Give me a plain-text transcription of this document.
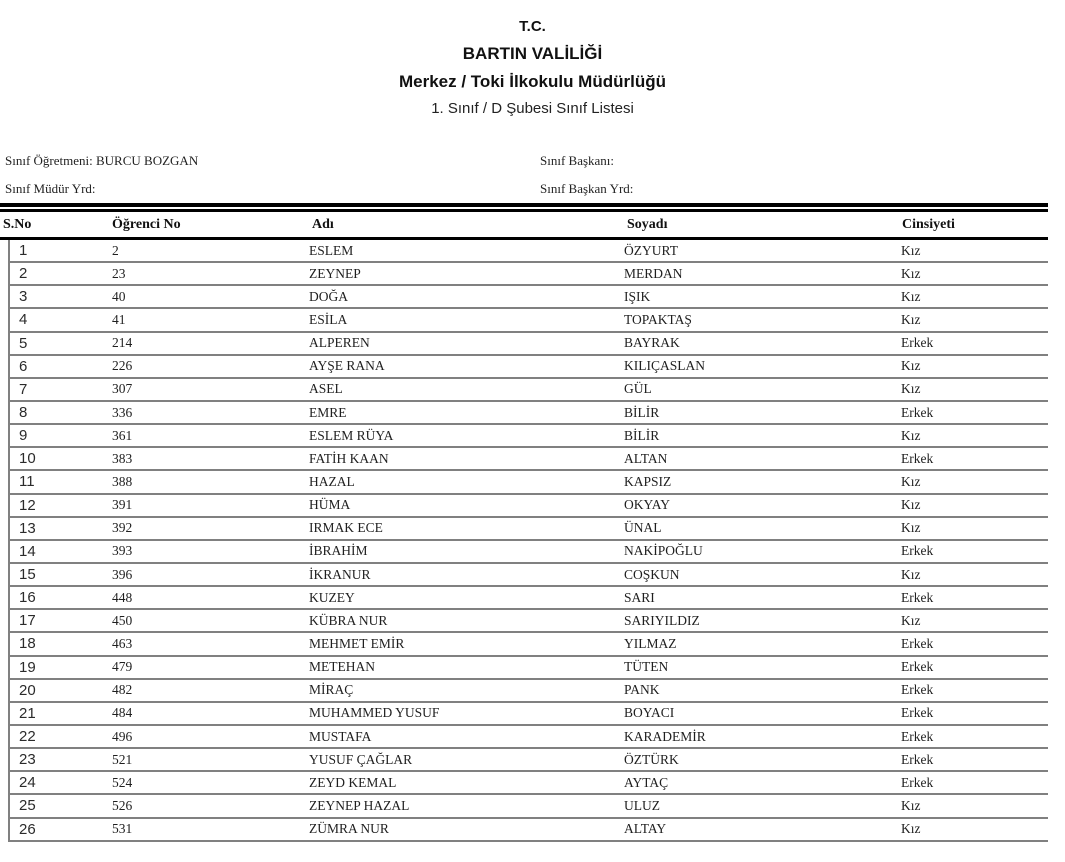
T.C.
BARTIN VALİLİĞİ
Merkez / Toki İlkokulu Müdürlüğü
1. Sınıf / D Şubesi Sınıf Listesi
Sınıf Öğretmeni: BURCU BOZGAN	Sınıf Başkanı:
Sınıf Müdür Yrd:	Sınıf Başkan Yrd:
S.No	Öğrenci No	Adı	Soyadı	Cinsiyeti
1	2	ESLEM	ÖZYURT	Kız
2	23	ZEYNEP	MERDAN	Kız
3	40	DOĞA	IŞIK	Kız
4	41	ESİLA	TOPAKTAŞ	Kız
5	214	ALPEREN	BAYRAK	Erkek
6	226	AYŞE RANA	KILIÇASLAN	Kız
7	307	ASEL	GÜL	Kız
8	336	EMRE	BİLİR	Erkek
9	361	ESLEM RÜYA	BİLİR	Kız
10	383	FATİH KAAN	ALTAN	Erkek
11	388	HAZAL	KAPSIZ	Kız
12	391	HÜMA	OKYAY	Kız
13	392	IRMAK ECE	ÜNAL	Kız
14	393	İBRAHİM	NAKİPOĞLU	Erkek
15	396	İKRANUR	COŞKUN	Kız
16	448	KUZEY	SARI	Erkek
17	450	KÜBRA NUR	SARIYILDIZ	Kız
18	463	MEHMET EMİR	YILMAZ	Erkek
19	479	METEHAN	TÜTEN	Erkek
20	482	MİRAÇ	PANK	Erkek
21	484	MUHAMMED YUSUF	BOYACI	Erkek
22	496	MUSTAFA	KARADEMİR	Erkek
23	521	YUSUF ÇAĞLAR	ÖZTÜRK	Erkek
24	524	ZEYD KEMAL	AYTAÇ	Erkek
25	526	ZEYNEP HAZAL	ULUZ	Kız
26	531	ZÜMRA NUR	ALTAY	Kız
